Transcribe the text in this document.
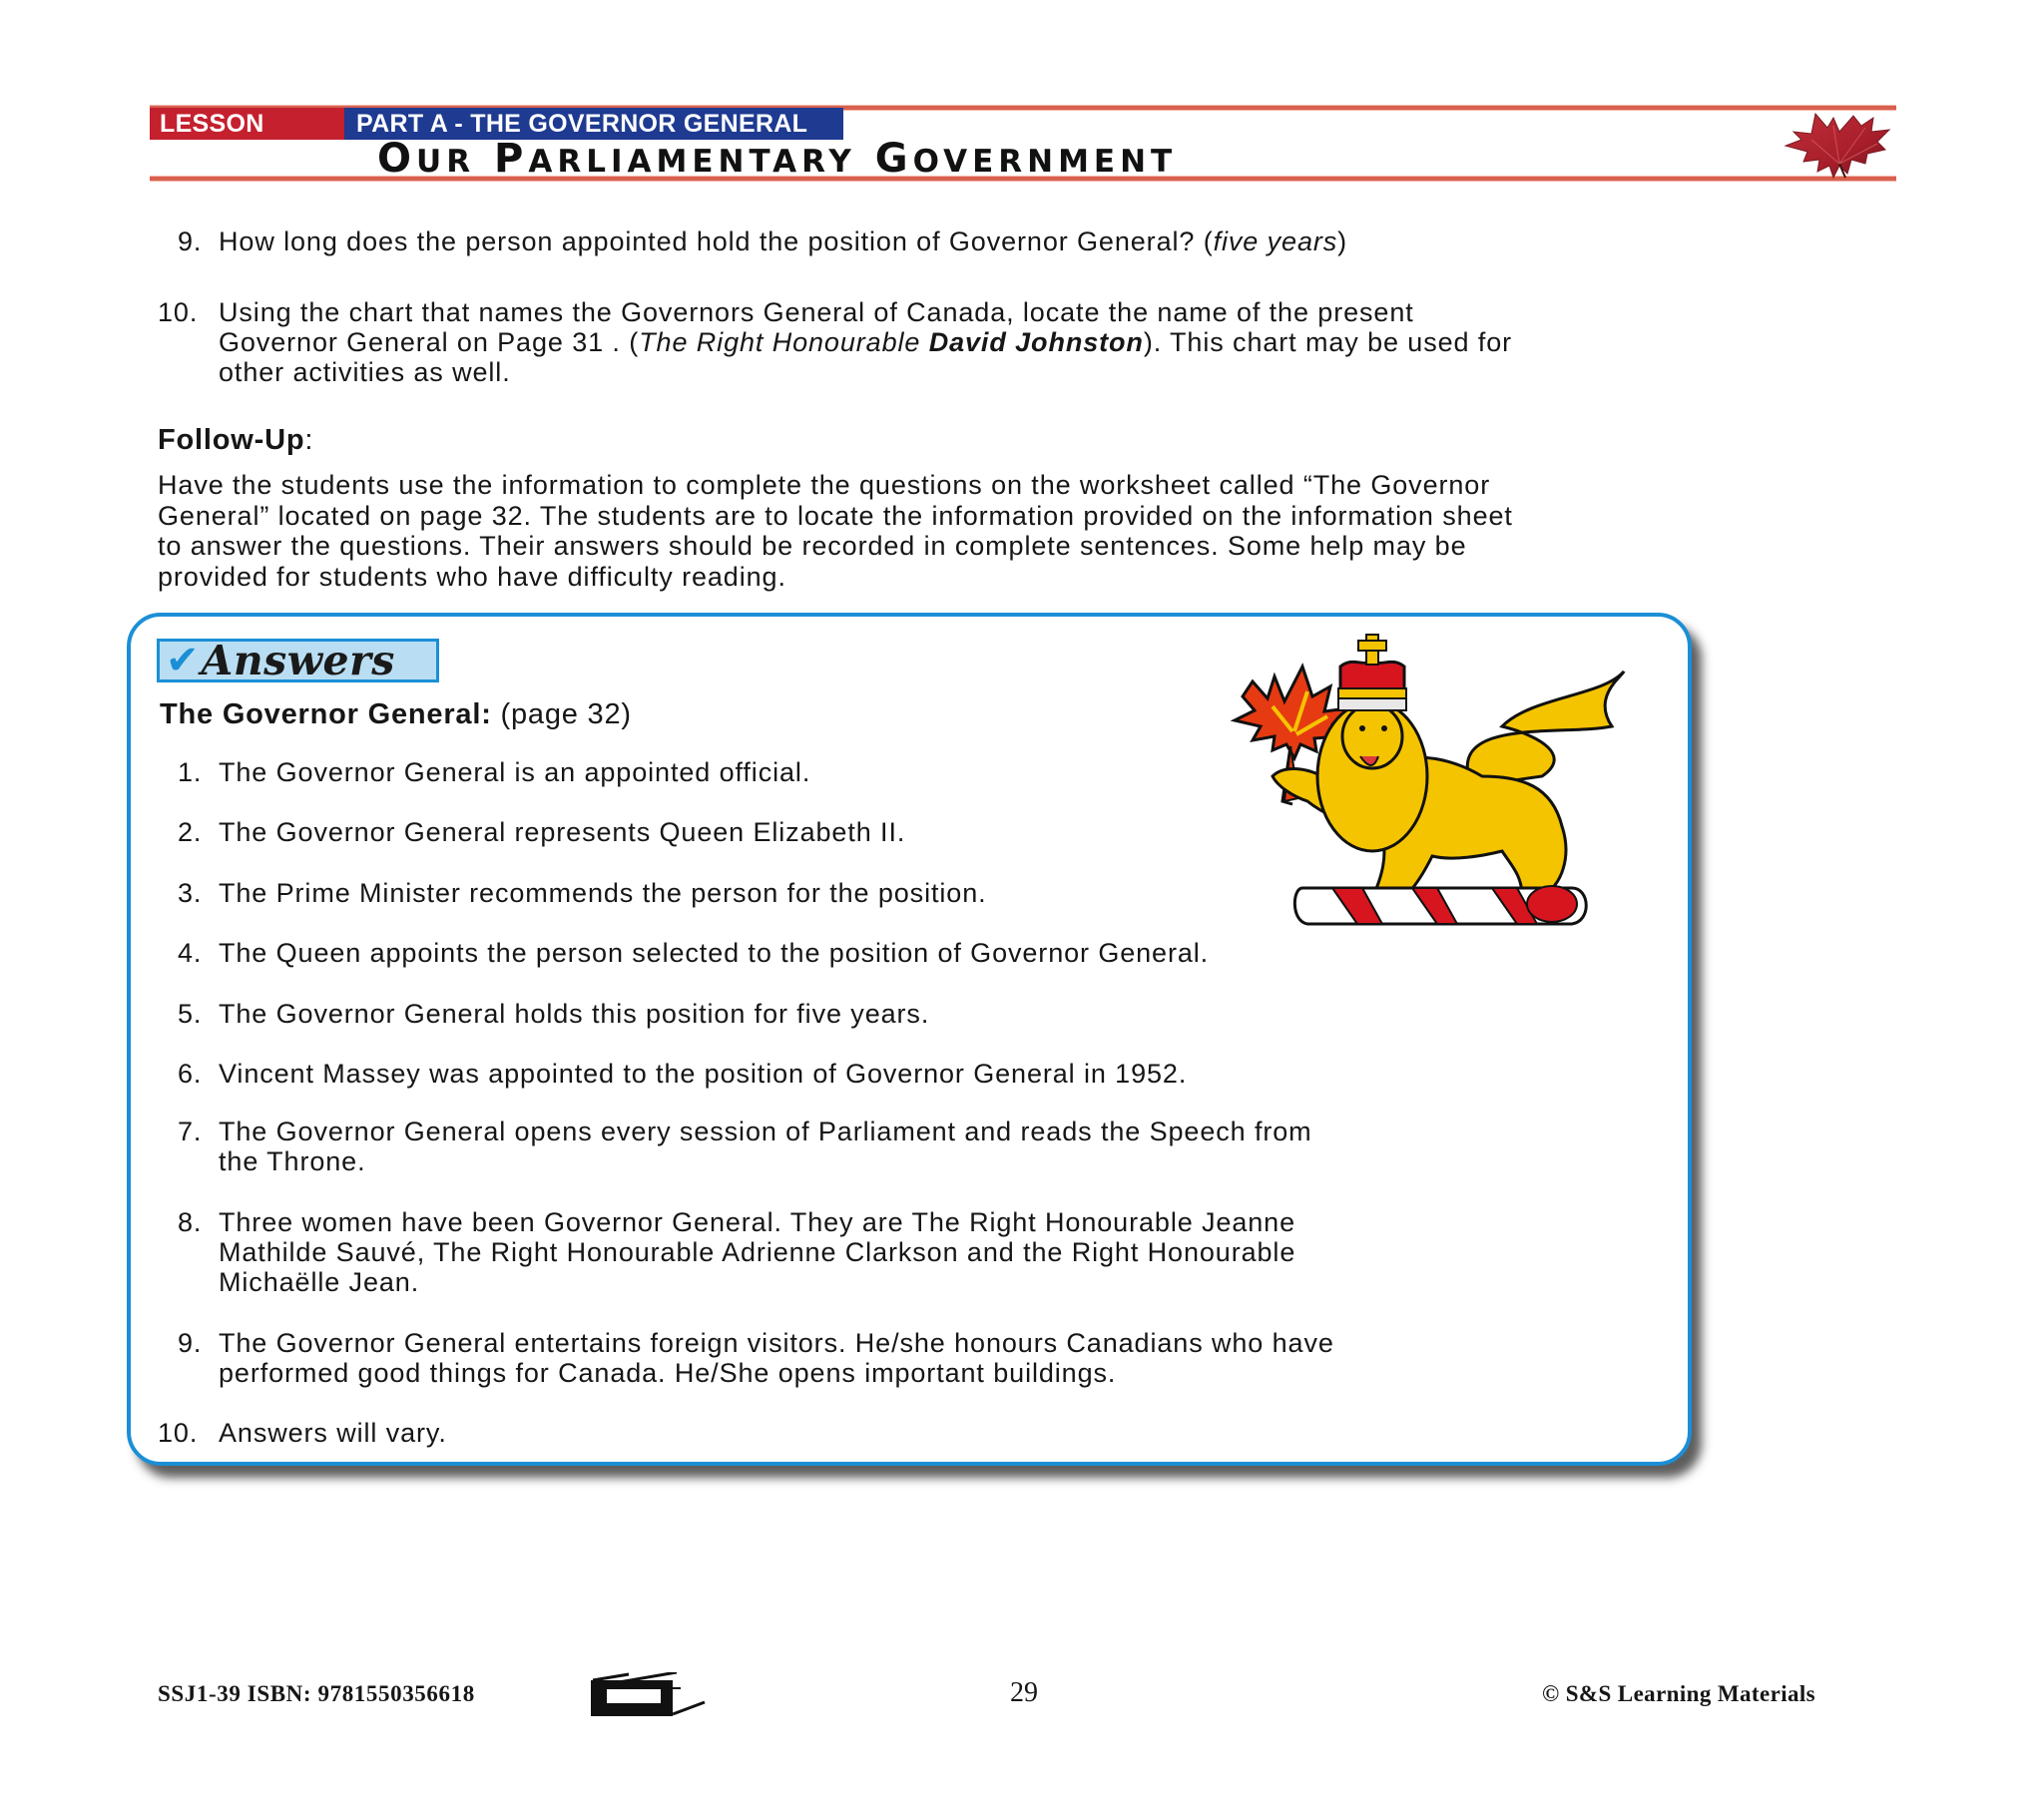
LESSON FOUR:
PART A - THE GOVERNOR GENERAL
OUR PARLIAMENTARY GOVERNMENT
9. How long does the person appointed hold the position of Governor General? (five years)
10. Using the chart that names the Governors General of Canada, locate the name of the present
Governor General on Page 31 . (The Right Honourable David Johnston). This chart may be used for
other activities as well.
Follow-Up:
Have the students use the information to complete the questions on the worksheet called “The Governor
General” located on page 32. The students are to locate the information provided on the information sheet
to answer the questions. Their answers should be recorded in complete sentences. Some help may be
provided for students who have difficulty reading.
✔ Answers
The Governor General: (page 32)
1. The Governor General is an appointed official.
2. The Governor General represents Queen Elizabeth II.
3. The Prime Minister recommends the person for the position.
4. The Queen appoints the person selected to the position of Governor General.
5. The Governor General holds this position for five years.
6. Vincent Massey was appointed to the position of Governor General in 1952.
7. The Governor General opens every session of Parliament and reads the Speech from
the Throne.
8. Three women have been Governor General. They are The Right Honourable Jeanne
Mathilde Sauvé, The Right Honourable Adrienne Clarkson and the Right Honourable
Michaëlle Jean.
9. The Governor General entertains foreign visitors. He/she honours Canadians who have
performed good things for Canada. He/She opens important buildings.
10. Answers will vary.
SSJ1-39 ISBN: 9781550356618	29	© S&S Learning Materials
